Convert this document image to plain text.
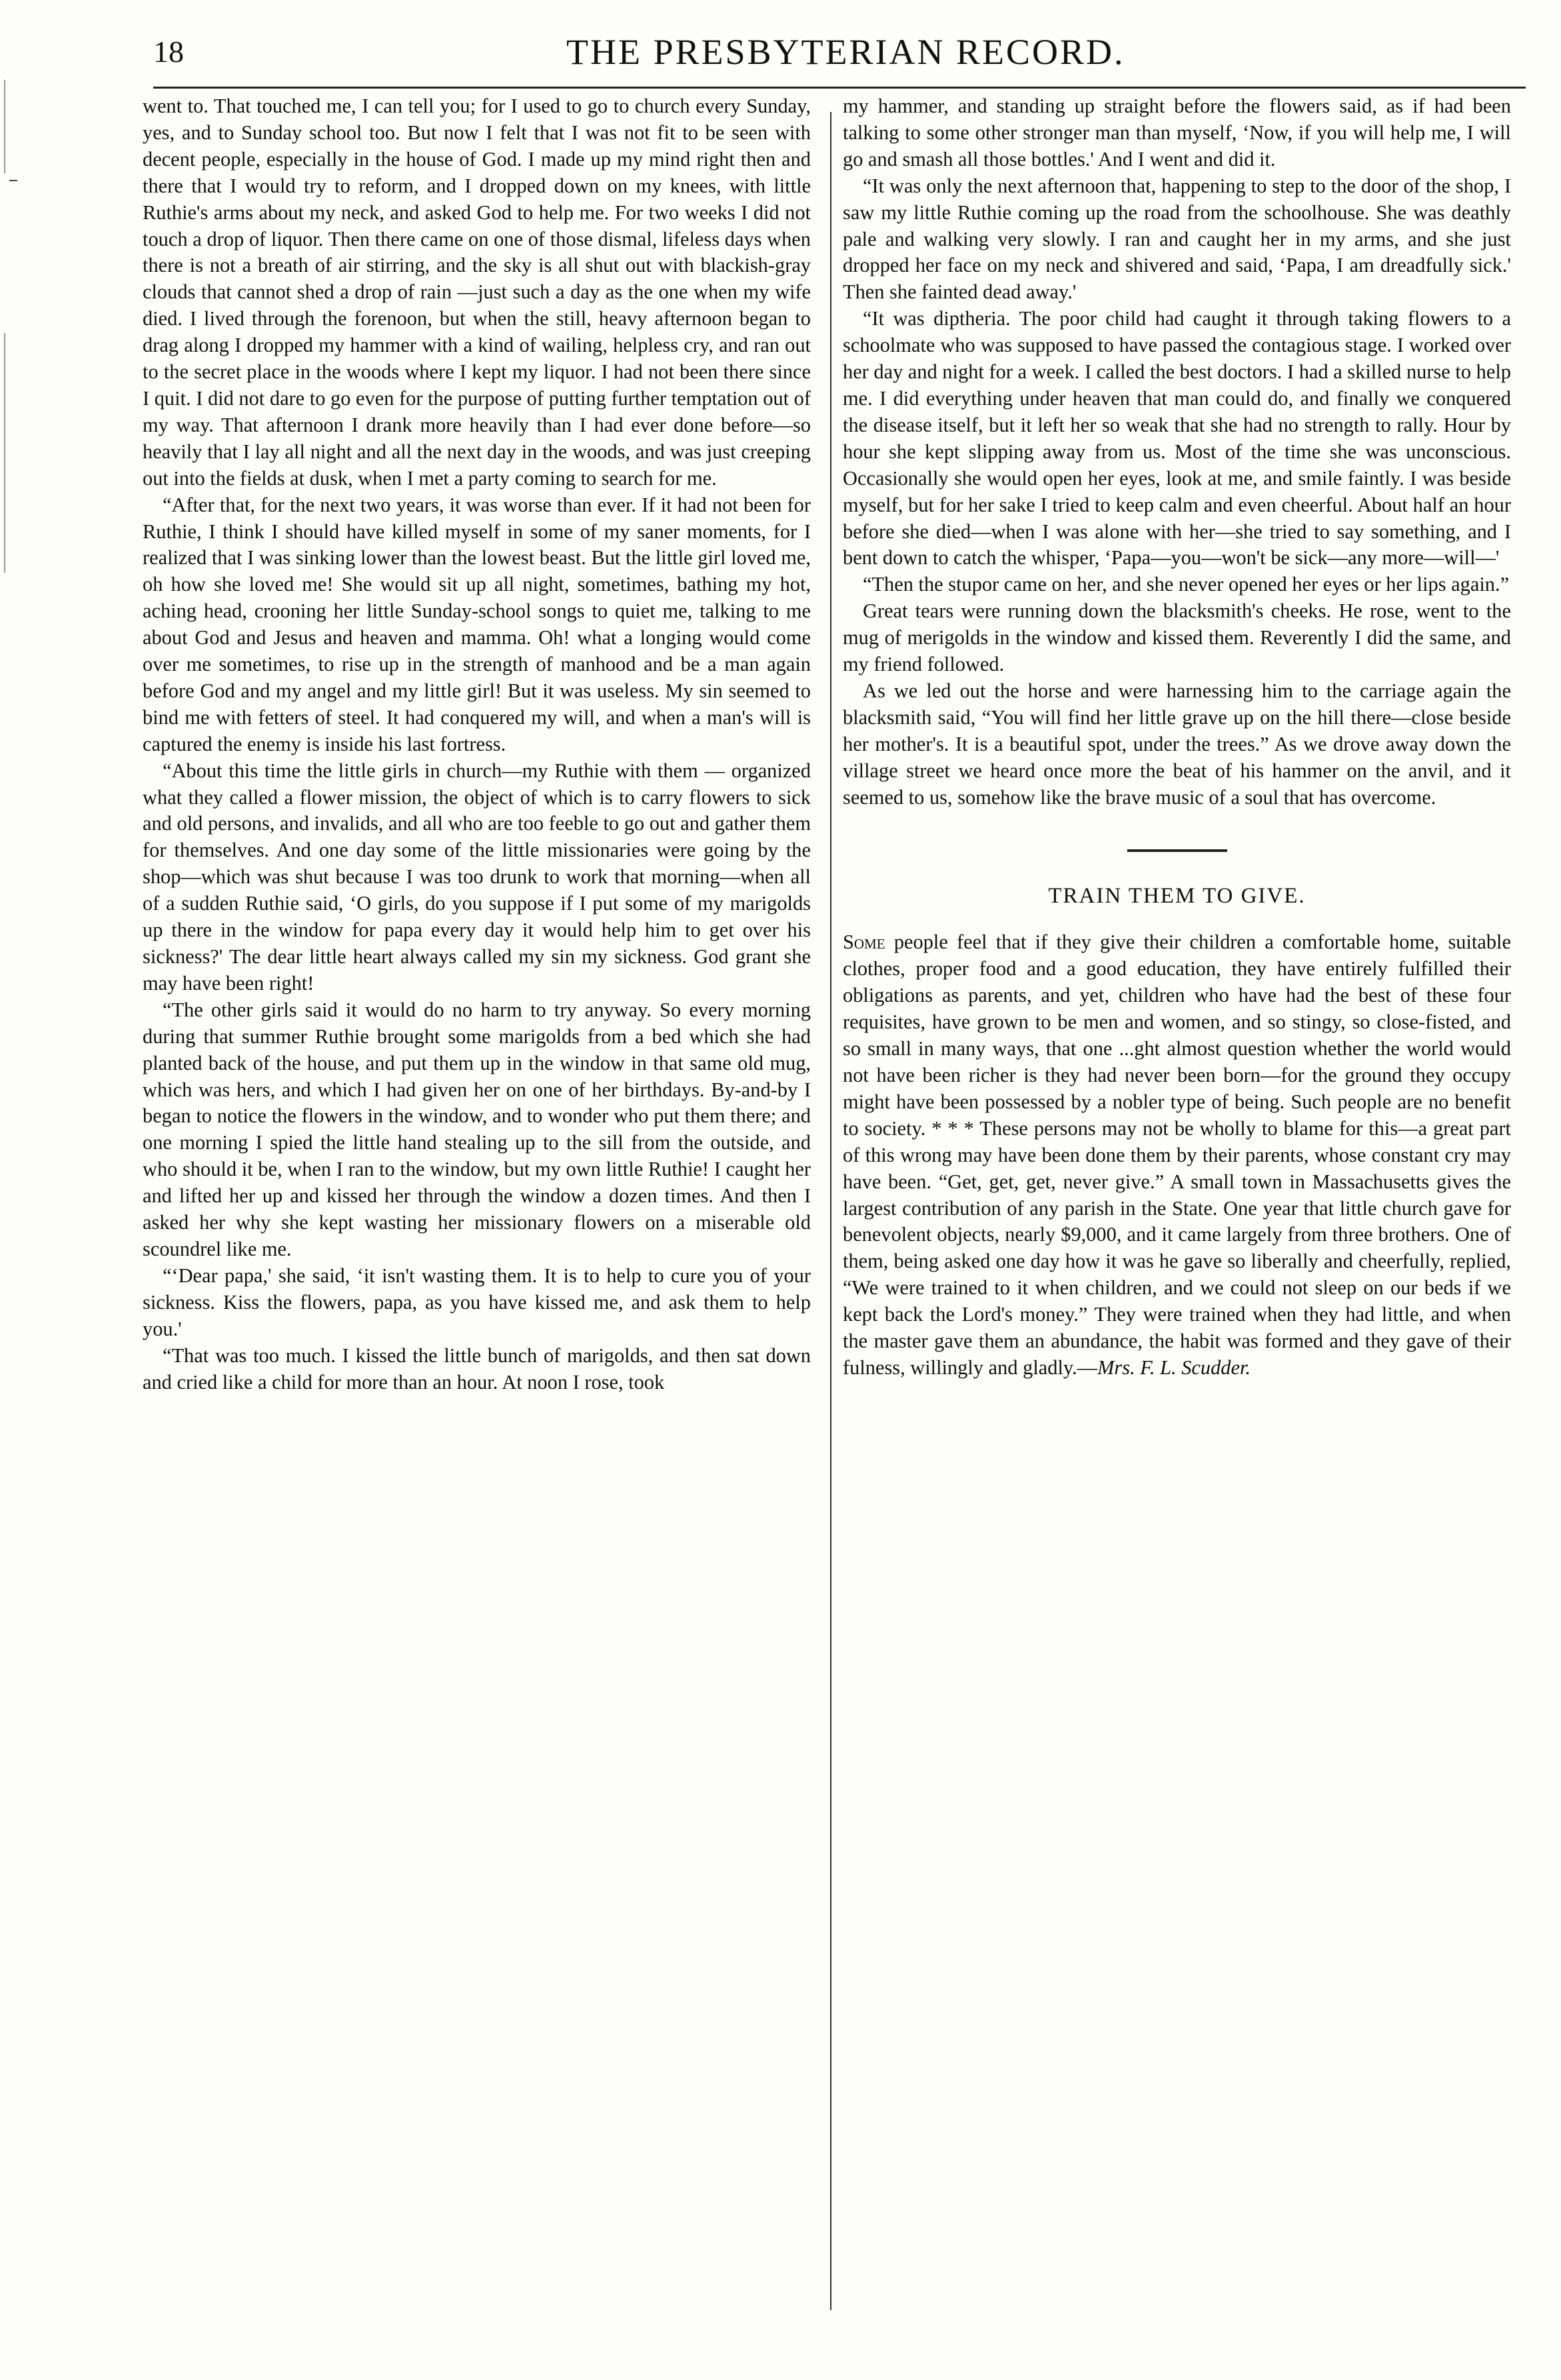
18	THE PRESBYTERIAN RECORD.

went to. That touched me, I can tell you; for I used to go to church every Sunday, yes, and to Sunday school too. But now I felt that I was not fit to be seen with decent people, especially in the house of God. I made up my mind right then and there that I would try to reform, and I dropped down on my knees, with little Ruthie's arms about my neck, and asked God to help me. For two weeks I did not touch a drop of liquor. Then there came on one of those dismal, lifeless days when there is not a breath of air stirring, and the sky is all shut out with blackish-gray clouds that cannot shed a drop of rain —just such a day as the one when my wife died. I lived through the forenoon, but when the still, heavy afternoon began to drag along I dropped my hammer with a kind of wailing, helpless cry, and ran out to the secret place in the woods where I kept my liquor. I had not been there since I quit. I did not dare to go even for the purpose of putting further temptation out of my way. That afternoon I drank more heavily than I had ever done before—so heavily that I lay all night and all the next day in the woods, and was just creeping out into the fields at dusk, when I met a party coming to search for me.

“After that, for the next two years, it was worse than ever. If it had not been for Ruthie, I think I should have killed myself in some of my saner moments, for I realized that I was sinking lower than the lowest beast. But the little girl loved me, oh how she loved me! She would sit up all night, sometimes, bathing my hot, aching head, crooning her little Sunday-school songs to quiet me, talking to me about God and Jesus and heaven and mamma. Oh! what a longing would come over me sometimes, to rise up in the strength of manhood and be a man again before God and my angel and my little girl! But it was useless. My sin seemed to bind me with fetters of steel. It had conquered my will, and when a man's will is captured the enemy is inside his last fortress.

“About this time the little girls in church—my Ruthie with them — organized what they called a flower mission, the object of which is to carry flowers to sick and old persons, and invalids, and all who are too feeble to go out and gather them for themselves. And one day some of the little missionaries were going by the shop—which was shut because I was too drunk to work that morning—when all of a sudden Ruthie said, ‘O girls, do you suppose if I put some of my marigolds up there in the window for papa every day it would help him to get over his sickness?' The dear little heart always called my sin my sickness. God grant she may have been right!

“The other girls said it would do no harm to try anyway. So every morning during that summer Ruthie brought some marigolds from a bed which she had planted back of the house, and put them up in the window in that same old mug, which was hers, and which I had given her on one of her birthdays. By-and-by I began to notice the flowers in the window, and to wonder who put them there; and one morning I spied the little hand stealing up to the sill from the outside, and who should it be, when I ran to the window, but my own little Ruthie! I caught her and lifted her up and kissed her through the window a dozen times. And then I asked her why she kept wasting her missionary flowers on a miserable old scoundrel like me.

“‘Dear papa,' she said, ‘it isn't wasting them. It is to help to cure you of your sickness. Kiss the flowers, papa, as you have kissed me, and ask them to help you.'

“That was too much. I kissed the little bunch of marigolds, and then sat down and cried like a child for more than an hour. At noon I rose, took

my hammer, and standing up straight before the flowers said, as if had been talking to some other stronger man than myself, ‘Now, if you will help me, I will go and smash all those bottles.' And I went and did it.

“It was only the next afternoon that, happening to step to the door of the shop, I saw my little Ruthie coming up the road from the schoolhouse. She was deathly pale and walking very slowly. I ran and caught her in my arms, and she just dropped her face on my neck and shivered and said, ‘Papa, I am dreadfully sick.' Then she fainted dead away.'

“It was diptheria. The poor child had caught it through taking flowers to a schoolmate who was supposed to have passed the contagious stage. I worked over her day and night for a week. I called the best doctors. I had a skilled nurse to help me. I did everything under heaven that man could do, and finally we conquered the disease itself, but it left her so weak that she had no strength to rally. Hour by hour she kept slipping away from us. Most of the time she was unconscious. Occasionally she would open her eyes, look at me, and smile faintly. I was beside myself, but for her sake I tried to keep calm and even cheerful. About half an hour before she died—when I was alone with her—she tried to say something, and I bent down to catch the whisper, ‘Papa—you—won't be sick—any more—will—'

“Then the stupor came on her, and she never opened her eyes or her lips again.”

Great tears were running down the blacksmith's cheeks. He rose, went to the mug of merigolds in the window and kissed them. Reverently I did the same, and my friend followed.

As we led out the horse and were harnessing him to the carriage again the blacksmith said, “You will find her little grave up on the hill there—close beside her mother's. It is a beautiful spot, under the trees.” As we drove away down the village street we heard once more the beat of his hammer on the anvil, and it seemed to us, somehow like the brave music of a soul that has overcome.

TRAIN THEM TO GIVE.

Some people feel that if they give their children a comfortable home, suitable clothes, proper food and a good education, they have entirely fulfilled their obligations as parents, and yet, children who have had the best of these four requisites, have grown to be men and women, and so stingy, so close-fisted, and so small in many ways, that one ...ght almost question whether the world would not have been richer is they had never been born—for the ground they occupy might have been possessed by a nobler type of being. Such people are no benefit to society. * * * These persons may not be wholly to blame for this—a great part of this wrong may have been done them by their parents, whose constant cry may have been. “Get, get, get, never give.” A small town in Massachusetts gives the largest contribution of any parish in the State. One year that little church gave for benevolent objects, nearly $9,000, and it came largely from three brothers. One of them, being asked one day how it was he gave so liberally and cheerfully, replied, “We were trained to it when children, and we could not sleep on our beds if we kept back the Lord's money.” They were trained when they had little, and when the master gave them an abundance, the habit was formed and they gave of their fulness, willingly and gladly.—Mrs. F. L. Scudder.
